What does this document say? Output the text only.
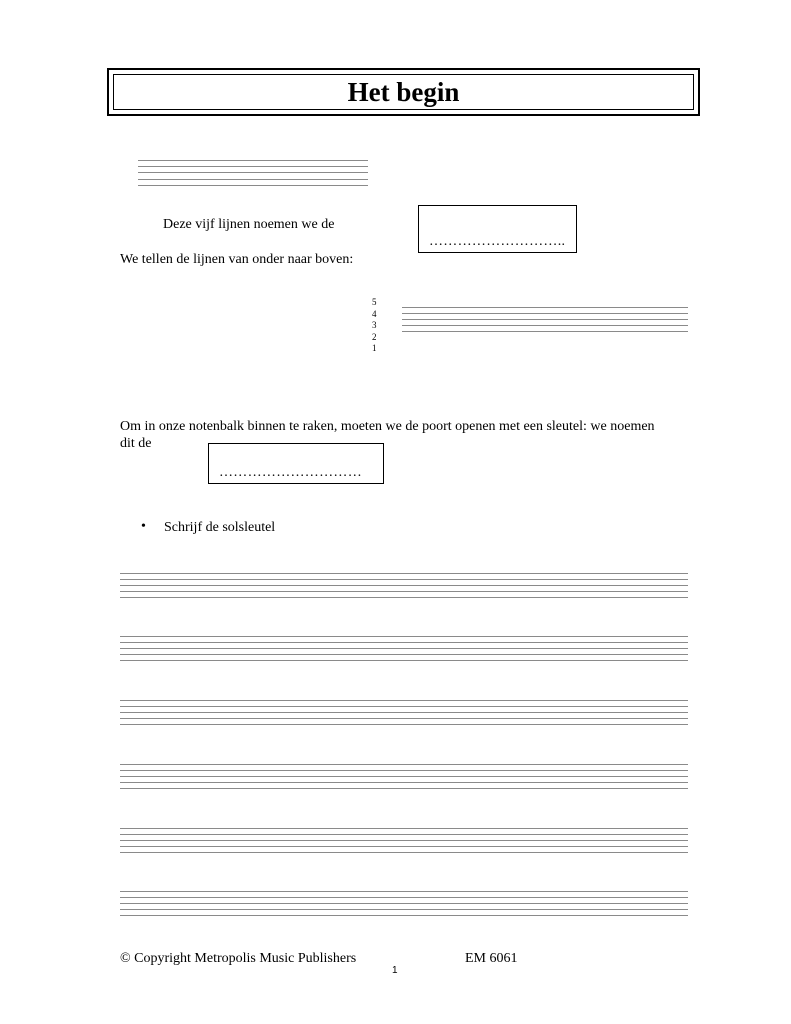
Het begin
Deze vijf lijnen noemen we de
………………………..
We tellen de lijnen van onder naar boven:
5
4
3
2
1
Om in onze notenbalk binnen te raken, moeten we de poort openen met een sleutel: we noemen
dit de
…………………………
• Schrijf de solsleutel
© Copyright Metropolis Music Publishers	EM 6061
1
